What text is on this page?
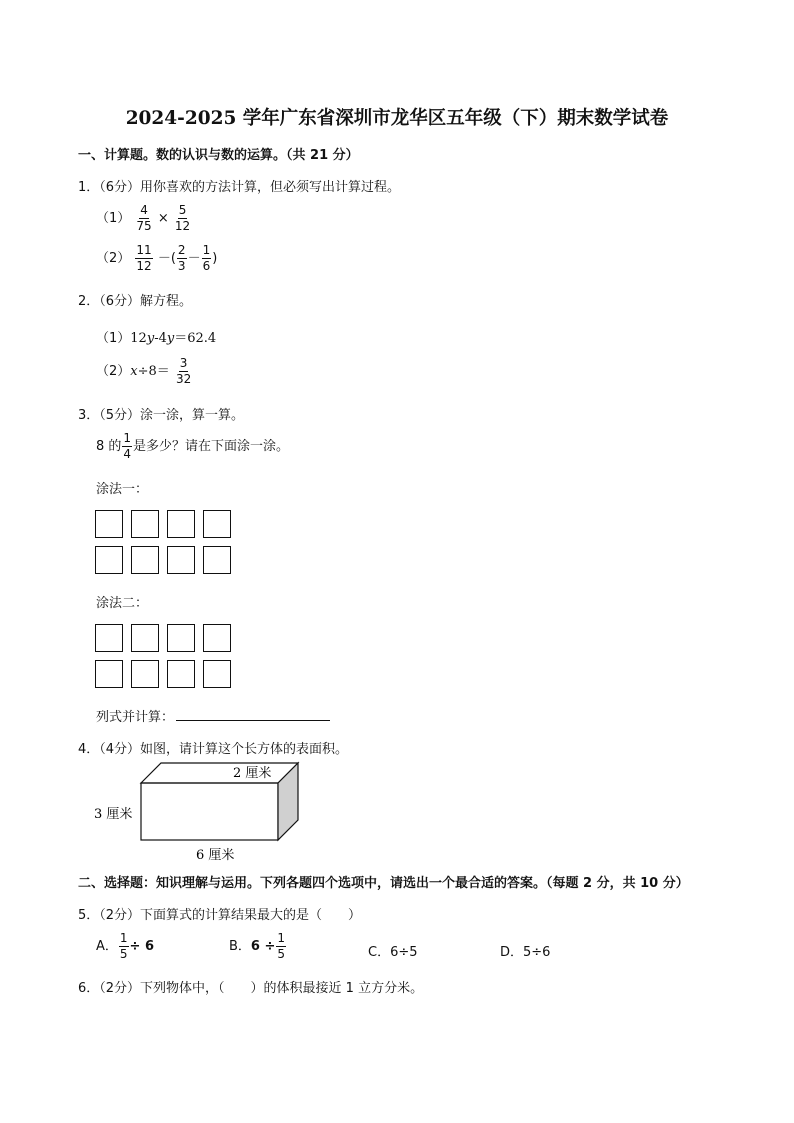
2024-2025 学年广东省深圳市龙华区五年级（下）期末数学试卷
一、计算题。数的认识与数的运算。（共 21 分）
1．（6分）用你喜欢的方法计算，但必须写出计算过程。
$(1) \frac{4}{75} \times \frac{5}{12}$
$(2) \frac{11}{12}$ －( $\frac{2}{3} - \frac{1}{6}$ )
2．（6分）解方程。
（1）12y-4y＝62.4
$(2)x\div 8= \frac{3}{32}$
3．（5分）涂一涂，算一算。
8 的 $\frac{1}{4}$ 是多少？请在下面涂一涂。
涂法一：
涂法二：
列式并计算：
4．（4分）如图，请计算这个长方体的表面积。
2 厘米
3 厘米
6 厘米
二、选择题：知识理解与运用。下列各题四个选项中，请选出一个最合适的答案。（每题 2 分，共 10 分）
5．（2分）下面算式的计算结果最大的是（　　）
A． $\frac{1}{5} \div 6$	B．$6 \div \frac{1}{5}$	C．6÷5	D．5÷6
6．（2分）下列物体中，（　　）的体积最接近 1 立方分米。
